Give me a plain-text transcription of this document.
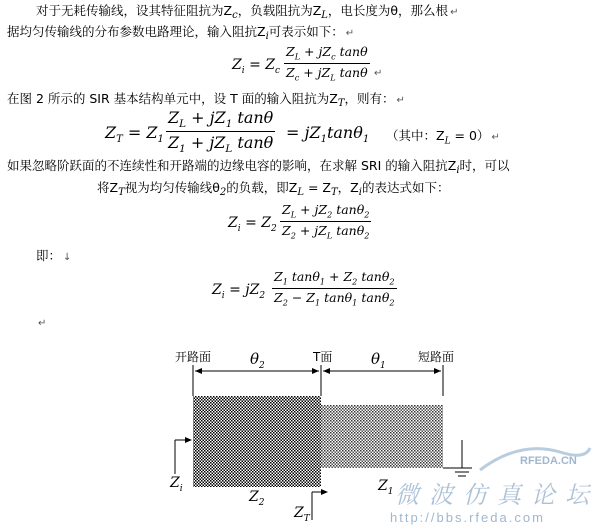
对于无耗传输线，设其特征阻抗为$Z_c$，负载阻抗为$Z_L$，电长度为θ，那么根 ↵
据均匀传输线的分布参数电路理论，输入阻抗$Z_i$可表示如下： ↵
$Z_i = Z_c$
$Z_L + jZ_c$ tanθ
$Z_c + jZ_L$ tanθ ↵
在图 2 所示的 SIR 基本结构单元中，设 T 面的输入阻抗为$Z_T$，则有： ↵
$Z_T = Z_1$
$Z_L + jZ_1$ tanθ
$Z_1 + jZ_L$ tanθ
= $jZ_1\tan\theta_1$ （其中：$Z_L = 0$） ↵
如果忽略阶跃面的不连续性和开路端的边缘电容的影响，在求解 SRI 的输入阻抗$Z_i$时，可以
将$Z_T$视为均匀传输线$\theta_2$的负载，即$Z_L = Z_T$，$Z_i$的表达式如下：
$Z_i = Z_2$
$Z_L + jZ_2$ tanθ$_2$
$Z_2 + jZ_L$ tanθ$_2$
即： ↓
$Z_i = jZ_2 \frac{Z_1 \tan\theta_1 + Z_2 \tan\theta_2}{Z_2 - Z_1 \tan\theta_1 \tan\theta_2}$
↵
开路面	T面	短路面
$\theta_2$	$\theta_1$
$Z_i$
$Z_2$
$Z_1$
$Z_T$
RFEDA.CN
微波仿真论坛
http://bbs.rfeda.com
